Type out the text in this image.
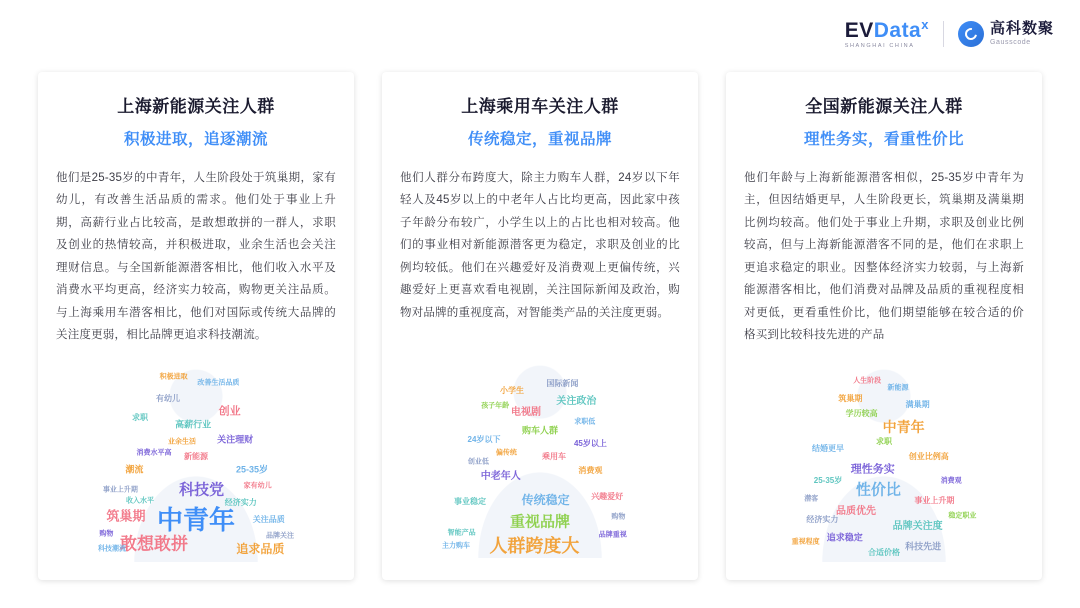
EVData$^x$
SHANGHAI CHINA
高科数聚
Gausscode
上海新能源关注人群
积极进取，追逐潮流
他们是25-35岁的中青年，人生阶段处于筑巢期，家有幼儿，有改善生活品质的需求。他们处于事业上升期，高薪行业占比较高，是敢想敢拼的一群人，求职及创业的热情较高，并积极进取，业余生活也会关注理财信息。与全国新能源潜客相比，他们收入水平及消费水平均更高，经济实力较高，购物更关注品质。与上海乘用车潜客相比，他们对国际或传统大品牌的关注度更弱，相比品牌更追求科技潮流。
中青年
敢想敢拼
筑巢期
科技党
追求品质
创业
高薪行业
关注理财
有幼儿
改善生活品质
积极进取
求职
25-35岁
潮流
消费水平高
经济实力
事业上升期
关注品质
新能源
业余生活
购物	品牌关注
收入水平
家有幼儿
科技潮流
上海乘用车关注人群
传统稳定，重视品牌
他们人群分布跨度大，除主力购车人群，24岁以下年轻人及45岁以上的中老年人占比均更高，因此家中孩子年龄分布较广，小学生以上的占比也相对较高。他们的事业相对新能源潜客更为稳定，求职及创业的比例均较低。他们在兴趣爱好及消费观上更偏传统，兴趣爱好上更喜欢看电视剧，关注国际新闻及政治，购物对品牌的重视度高，对智能类产品的关注度更弱。
人群跨度大
重视品牌
传统稳定
中老年人
关注政治
电视剧
国际新闻
小学生
24岁以下	45岁以上
购车人群
事业稳定	兴趣爱好
消费观
创业低
求职低
孩子年龄
品牌重视
智能产品
乘用车
偏传统
购物
主力购车
全国新能源关注人群
理性务实，看重性价比
他们年龄与上海新能源潜客相似，25-35岁中青年为主，但因结婚更早，人生阶段更长，筑巢期及满巢期比例均较高。他们处于事业上升期，求职及创业比例较高，但与上海新能源潜客不同的是，他们在求职上更追求稳定的职业。因整体经济实力较弱，与上海新能源潜客相比，他们消费对品牌及品质的重视程度相对更低，更看重性价比，他们期望能够在较合适的价格买到比较科技先进的产品
中青年
性价比
理性务实
品质优先
品牌关注度
学历较高
满巢期
筑巢期
追求稳定
科技先进
25-35岁
事业上升期
结婚更早
创业比例高
求职
经济实力
消费观
合适价格
新能源
人生阶段
重视程度
稳定职业
潜客
